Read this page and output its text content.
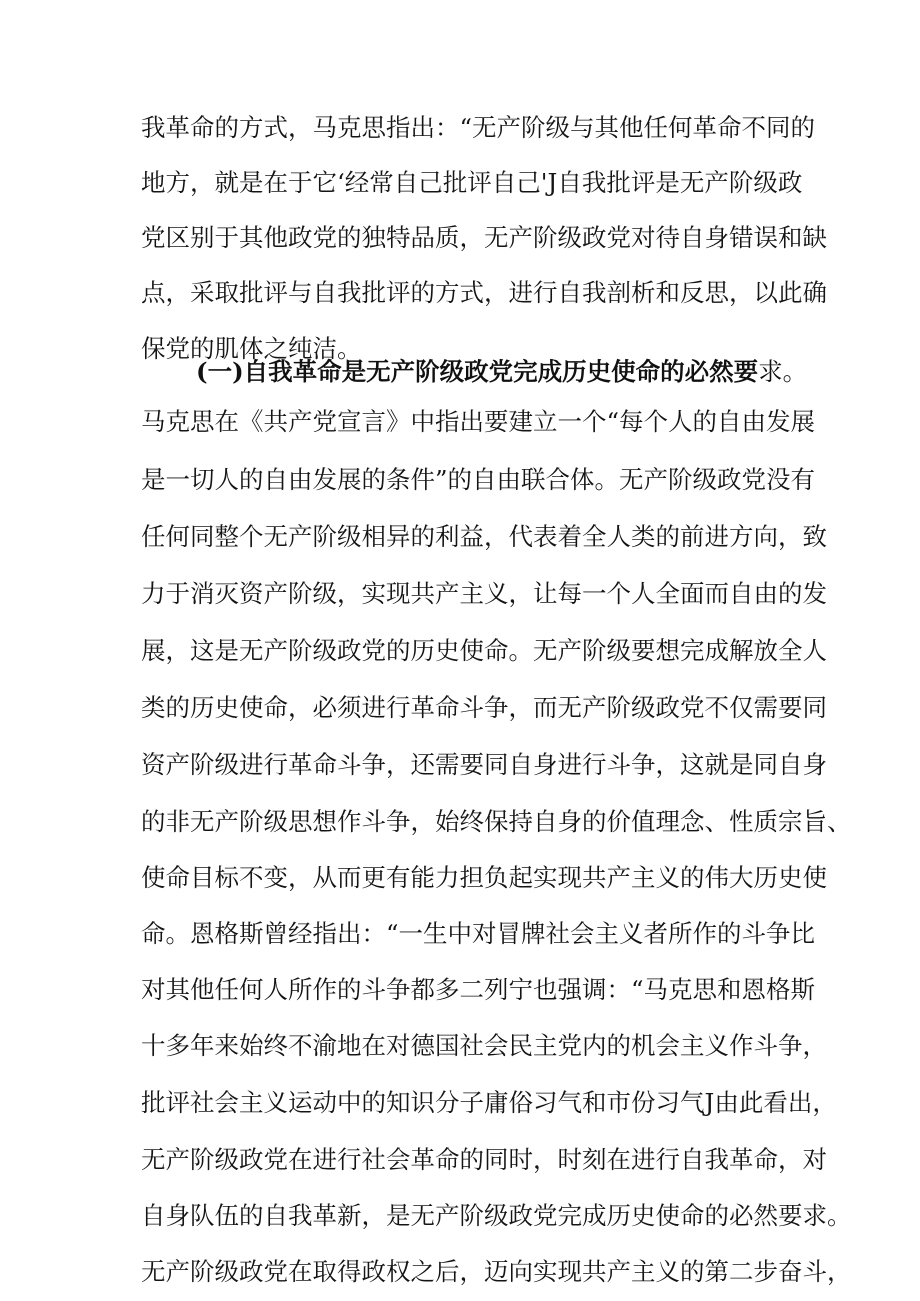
我革命的方式，马克思指出：“无产阶级与其他任何革命不同的
地方，就是在于它‘经常自己批评自己'J自我批评是无产阶级政
党区别于其他政党的独特品质，无产阶级政党对待自身错误和缺
点，采取批评与自我批评的方式，进行自我剖析和反思，以此确
保党的肌体之纯洁。
(一)自我革命是无产阶级政党完成历史使命的必然要求。
马克思在《共产党宣言》中指出要建立一个“每个人的自由发展
是一切人的自由发展的条件”的自由联合体。无产阶级政党没有
任何同整个无产阶级相异的利益，代表着全人类的前进方向，致
力于消灭资产阶级，实现共产主义，让每一个人全面而自由的发
展，这是无产阶级政党的历史使命。无产阶级要想完成解放全人
类的历史使命，必须进行革命斗争，而无产阶级政党不仅需要同
资产阶级进行革命斗争，还需要同自身进行斗争，这就是同自身
的非无产阶级思想作斗争，始终保持自身的价值理念、性质宗旨、
使命目标不变，从而更有能力担负起实现共产主义的伟大历史使
命。恩格斯曾经指出：“一生中对冒牌社会主义者所作的斗争比
对其他任何人所作的斗争都多二列宁也强调：“马克思和恩格斯
十多年来始终不渝地在对德国社会民主党内的机会主义作斗争，
批评社会主义运动中的知识分子庸俗习气和市份习气J由此看出，
无产阶级政党在进行社会革命的同时，时刻在进行自我革命，对
自身队伍的自我革新，是无产阶级政党完成历史使命的必然要求。
无产阶级政党在取得政权之后，迈向实现共产主义的第二步奋斗，
